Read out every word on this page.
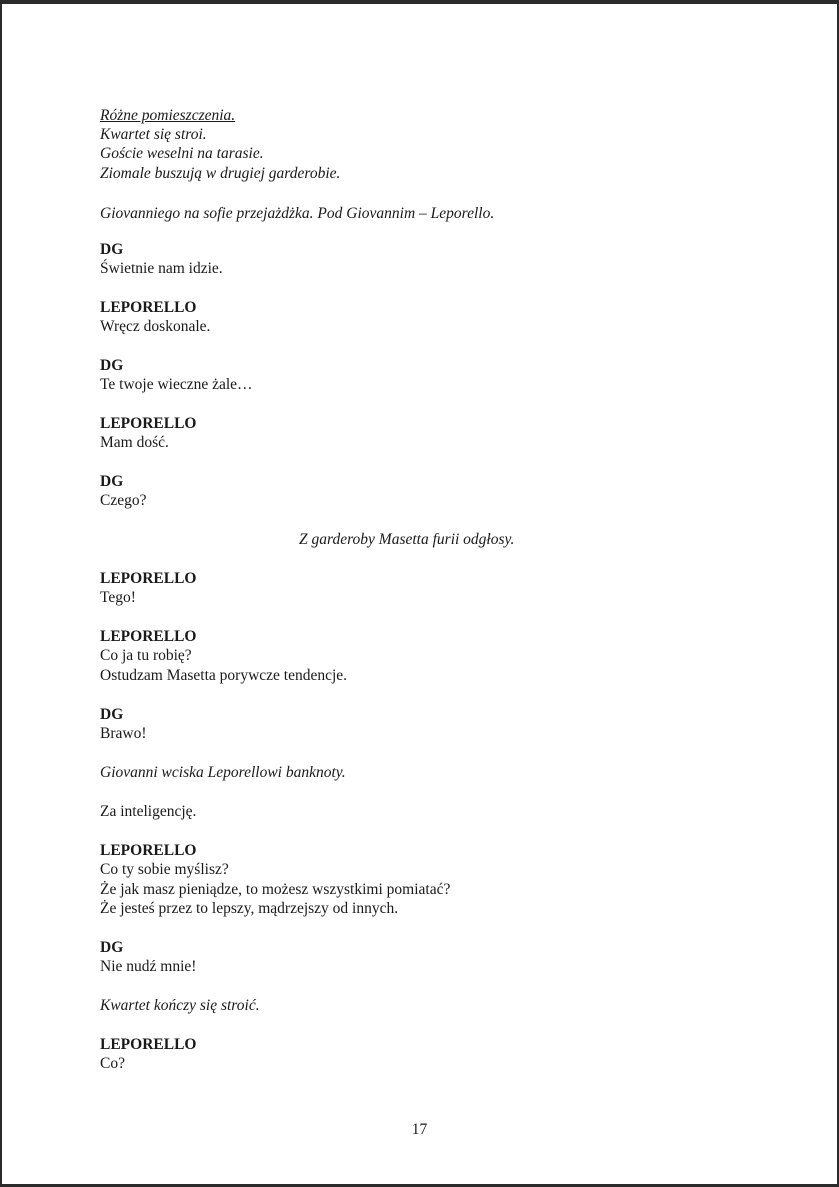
Różne pomieszczenia.
Kwartet się stroi.
Goście weselni na tarasie.
Ziomale buszują w drugiej garderobie.
Giovanniego na sofie przejażdżka. Pod Giovannim – Leporello.
DG
Świetnie nam idzie.
LEPORELLO
Wręcz doskonale.
DG
Te twoje wieczne żale…
LEPORELLO
Mam dość.
DG
Czego?
Z garderoby Masetta furii odgłosy.
LEPORELLO
Tego!
LEPORELLO
Co ja tu robię?
Ostudzam Masetta porywcze tendencje.
DG
Brawo!
Giovanni wciska Leporellowi banknoty.
Za inteligencję.
LEPORELLO
Co ty sobie myślisz?
Że jak masz pieniądze, to możesz wszystkimi pomiatać?
Że jesteś przez to lepszy, mądrzejszy od innych.
DG
Nie nudź mnie!
Kwartet kończy się stroić.
LEPORELLO
Co?
17
